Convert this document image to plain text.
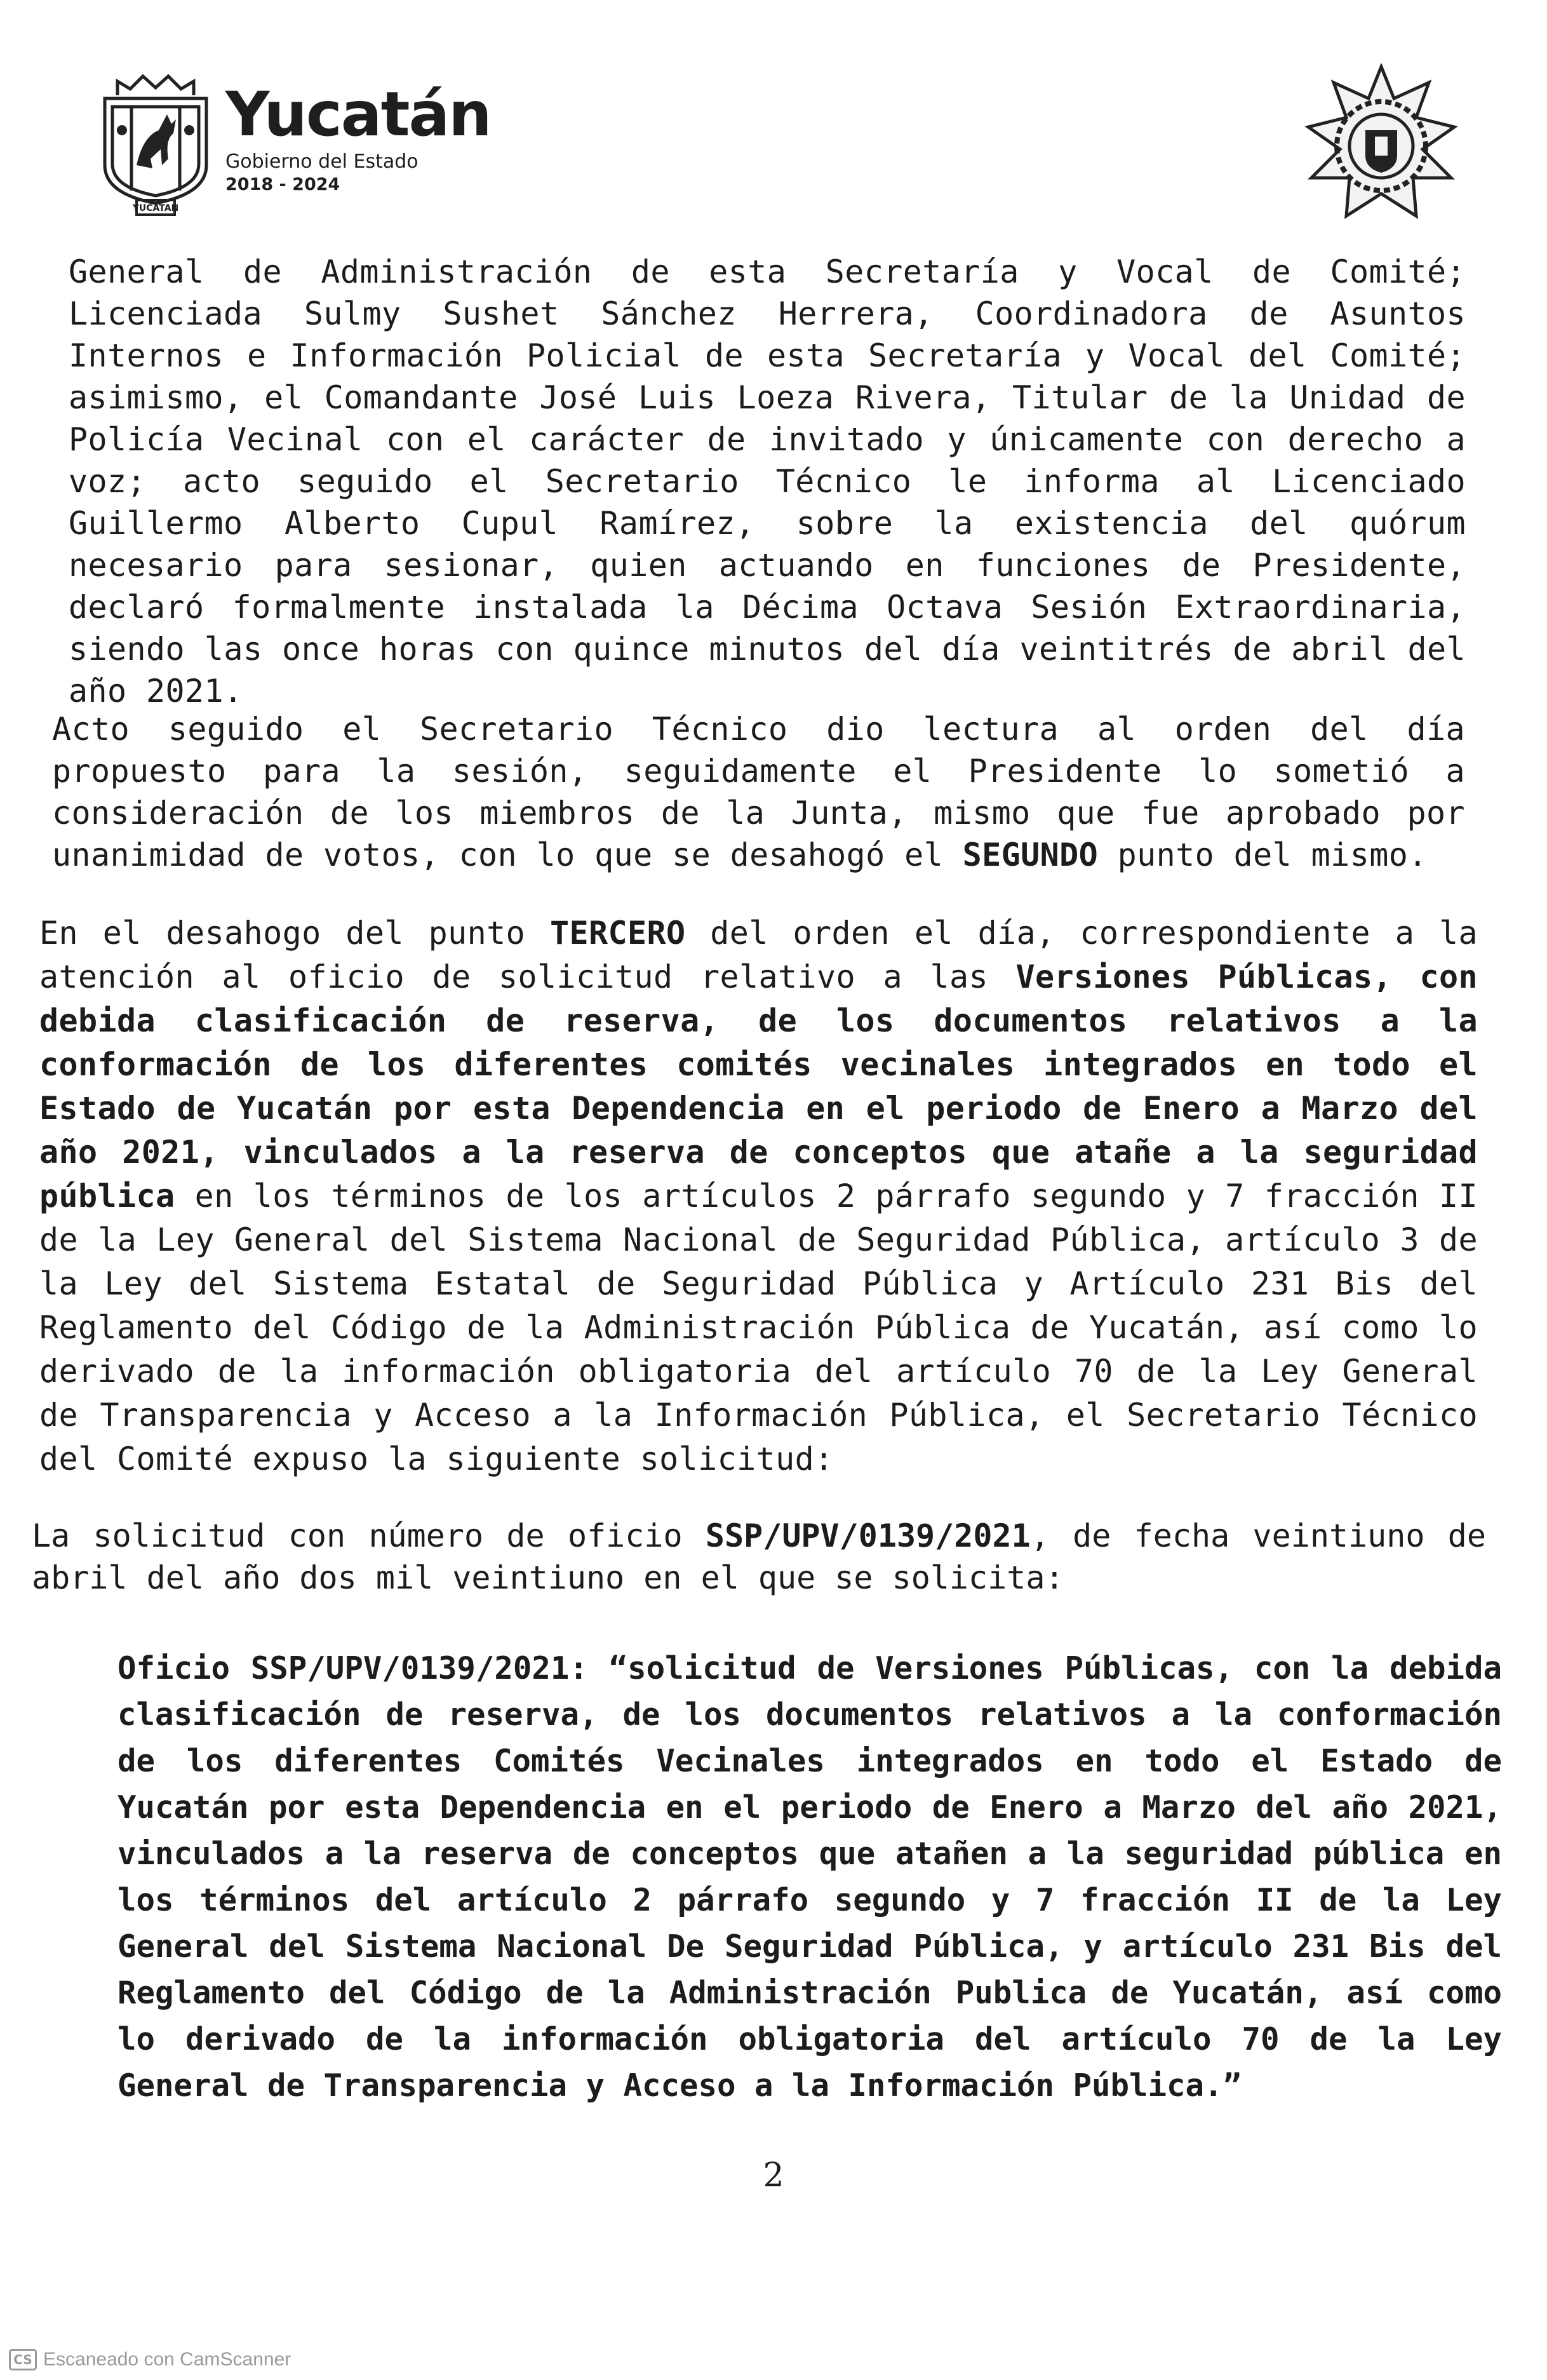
YUCATAN
Yucatán
Gobierno del Estado
2018 - 2024

General de Administración de esta Secretaría y Vocal de Comité; Licenciada Sulmy Sushet Sánchez Herrera, Coordinadora de Asuntos Internos e Información Policial de esta Secretaría y Vocal del Comité; asimismo, el Comandante José Luis Loeza Rivera, Titular de la Unidad de Policía Vecinal con el carácter de invitado y únicamente con derecho a voz; acto seguido el Secretario Técnico le informa al Licenciado Guillermo Alberto Cupul Ramírez, sobre la existencia del quórum necesario para sesionar, quien actuando en funciones de Presidente, declaró formalmente instalada la Décima Octava Sesión Extraordinaria, siendo las once horas con quince minutos del día veintitrés de abril del año 2021.

Acto seguido el Secretario Técnico dio lectura al orden del día propuesto para la sesión, seguidamente el Presidente lo sometió a consideración de los miembros de la Junta, mismo que fue aprobado por unanimidad de votos, con lo que se desahogó el SEGUNDO punto del mismo.

En el desahogo del punto TERCERO del orden el día, correspondiente a la atención al oficio de solicitud relativo a las Versiones Públicas, con debida clasificación de reserva, de los documentos relativos a la conformación de los diferentes comités vecinales integrados en todo el Estado de Yucatán por esta Dependencia en el periodo de Enero a Marzo del año 2021, vinculados a la reserva de conceptos que atañe a la seguridad pública en los términos de los artículos 2 párrafo segundo y 7 fracción II de la Ley General del Sistema Nacional de Seguridad Pública, artículo 3 de la Ley del Sistema Estatal de Seguridad Pública y Artículo 231 Bis del Reglamento del Código de la Administración Pública de Yucatán, así como lo derivado de la información obligatoria del artículo 70 de la Ley General de Transparencia y Acceso a la Información Pública, el Secretario Técnico del Comité expuso la siguiente solicitud:

La solicitud con número de oficio SSP/UPV/0139/2021, de fecha veintiuno de abril del año dos mil veintiuno en el que se solicita:

Oficio SSP/UPV/0139/2021: “solicitud de Versiones Públicas, con la debida clasificación de reserva, de los documentos relativos a la conformación de los diferentes Comités Vecinales integrados en todo el Estado de Yucatán por esta Dependencia en el periodo de Enero a Marzo del año 2021, vinculados a la reserva de conceptos que atañen a la seguridad pública en los términos del artículo 2 párrafo segundo y 7 fracción II de la Ley General del Sistema Nacional De Seguridad Pública, y artículo 231 Bis del Reglamento del Código de la Administración Publica de Yucatán, así como lo derivado de la información obligatoria del artículo 70 de la Ley General de Transparencia y Acceso a la Información Pública.”

2
CS Escaneado con CamScanner
